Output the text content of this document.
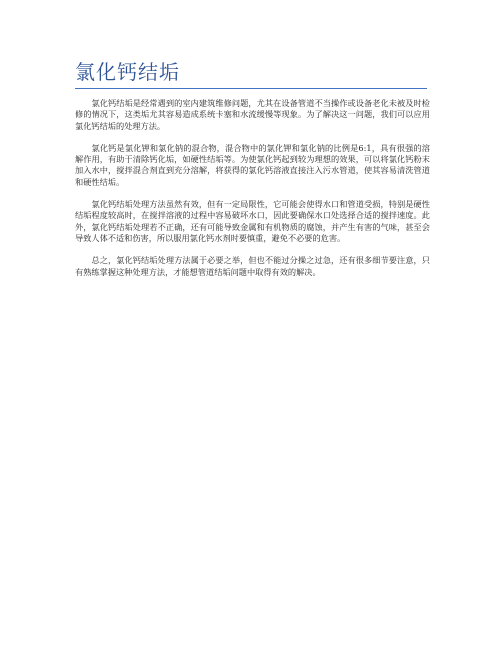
氯化钙结垢

氯化钙结垢是经常遇到的室内建筑维修问题，尤其在设备管道不当操作或设备老化未被及时检修的情况下，这类垢尤其容易造成系统卡塞和水流缓慢等现象。为了解决这一问题，我们可以应用氯化钙结垢的处理方法。

氯化钙是氯化钾和氯化钠的混合物，混合物中的氯化钾和氯化钠的比例是6:1，具有很强的溶解作用，有助于清除钙化垢，如硬性结垢等。为使氯化钙起到较为理想的效果，可以将氯化钙粉末加入水中，搅拌混合剂直到充分溶解，将获得的氯化钙溶液直接注入污水管道，使其容易清洗管道和硬性结垢。

氯化钙结垢处理方法虽然有效，但有一定局限性，它可能会使得水口和管道受损，特别是硬性结垢程度较高时，在搅拌溶液的过程中容易破坏水口，因此要确保水口处选择合适的搅拌速度。此外，氯化钙结垢处理若不正确，还有可能导致金属和有机物质的腐蚀，并产生有害的气味，甚至会导致人体不适和伤害，所以服用氯化钙水剂时要慎重，避免不必要的危害。

总之，氯化钙结垢处理方法属于必要之举，但也不能过分操之过急，还有很多细节要注意，只有熟练掌握这种处理方法，才能想管道结垢问题中取得有效的解决。
